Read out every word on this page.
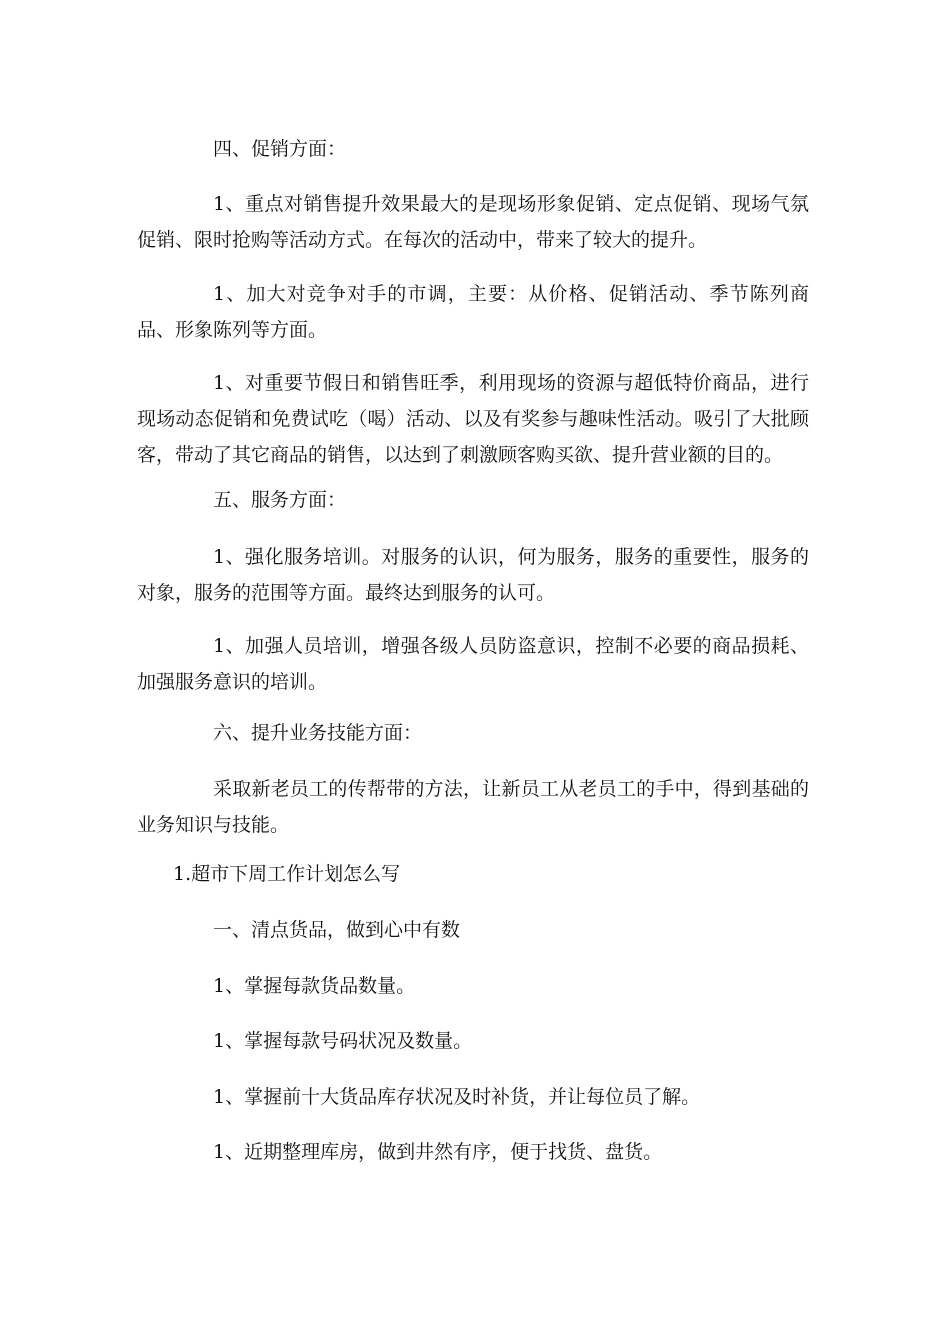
四、促销方面：

1、重点对销售提升效果最大的是现场形象促销、定点促销、现场气氛促销、限时抢购等活动方式。在每次的活动中，带来了较大的提升。

1、加大对竞争对手的市调，主要：从价格、促销活动、季节陈列商品、形象陈列等方面。

1、对重要节假日和销售旺季，利用现场的资源与超低特价商品，进行现场动态促销和免费试吃（喝）活动、以及有奖参与趣味性活动。吸引了大批顾客，带动了其它商品的销售，以达到了刺激顾客购买欲、提升营业额的目的。

五、服务方面：

1、强化服务培训。对服务的认识，何为服务，服务的重要性，服务的对象，服务的范围等方面。最终达到服务的认可。

1、加强人员培训，增强各级人员防盗意识，控制不必要的商品损耗、加强服务意识的培训。

六、提升业务技能方面：

采取新老员工的传帮带的方法，让新员工从老员工的手中，得到基础的业务知识与技能。

1.超市下周工作计划怎么写

一、清点货品，做到心中有数

1、掌握每款货品数量。

1、掌握每款号码状况及数量。

1、掌握前十大货品库存状况及时补货，并让每位员了解。

1、近期整理库房，做到井然有序，便于找货、盘货。
